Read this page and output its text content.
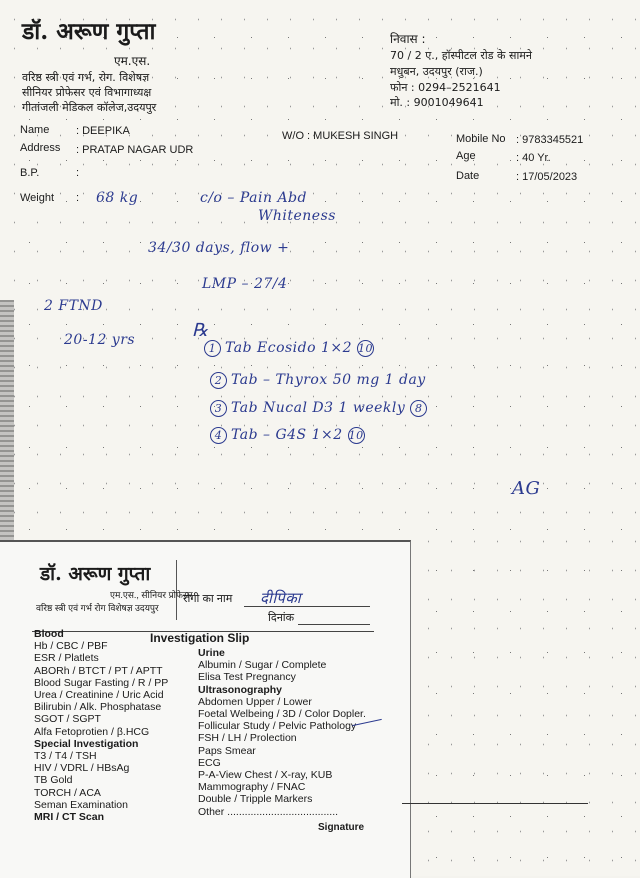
डॉ. अरूण गुप्ता
एम.एस.
वरिष्ठ स्त्री एवं गर्भ, रोग. विशेषज्ञ
सीनियर प्रोफेसर एवं विभागाध्यक्ष
गीतांजली मेडिकल कॉलेज,उदयपुर
निवास :
70 / 2 ए., हॉस्पीटल रोड के सामने
मधुबन, उदयपुर (राज.)
फोन : 0294–2521641
मो. : 9001049641
Name : DEEPIKA	W/O : MUKESH SINGH	Mobile No : 9783345521
Address : PRATAP NAGAR UDR	Age	: 40 Yr.
B.P.	:	Date	: 17/05/2023
Weight : 68 kg	c/o – Pain Abd
Whiteness
34/30 days, flow +
LMP – 27/4
2 FTND
20-12 yrs	℞
1 Tab Ecosido 1×2 10
2 Tab – Thyrox 50 mg 1 day
3 Tab Nucal D3 1 weekly 8
4 Tab – G4S 1×2 10
AG
डॉ. अरूण गुप्ता
एम.एस., सीनियर प्रोफेसर
वरिष्ठ स्त्री एवं गर्भ रोग विशेषज्ञ उदयपुर
रोगी का नाम दीपिका
दिनांक
Investigation Slip
Blood
Hb / CBC / PBF
ESR / Platlets
ABORh / BTCT / PT / APTT
Blood Sugar Fasting / R / PP
Urea / Creatinine / Uric Acid
Bilirubin / Alk. Phosphatase
SGOT / SGPT
Alfa Fetoprotien / β.HCG
Special Investigation
T3 / T4 / TSH
HIV / VDRL / HBsAg
TB Gold
TORCH / ACA
Seman Examination
MRI / CT Scan
Urine
Albumin / Sugar / Complete
Elisa Test Pregnancy
Ultrasonography
Abdomen Upper / Lower
Foetal Welbeing / 3D / Color Dopler.
Follicular Study / Pelvic Pathology
FSH / LH / Prolection
Paps Smear
ECG
P-A-View Chest / X-ray, KUB
Mammography / FNAC
Double / Tripple Markers
Other ......................................
Signature
